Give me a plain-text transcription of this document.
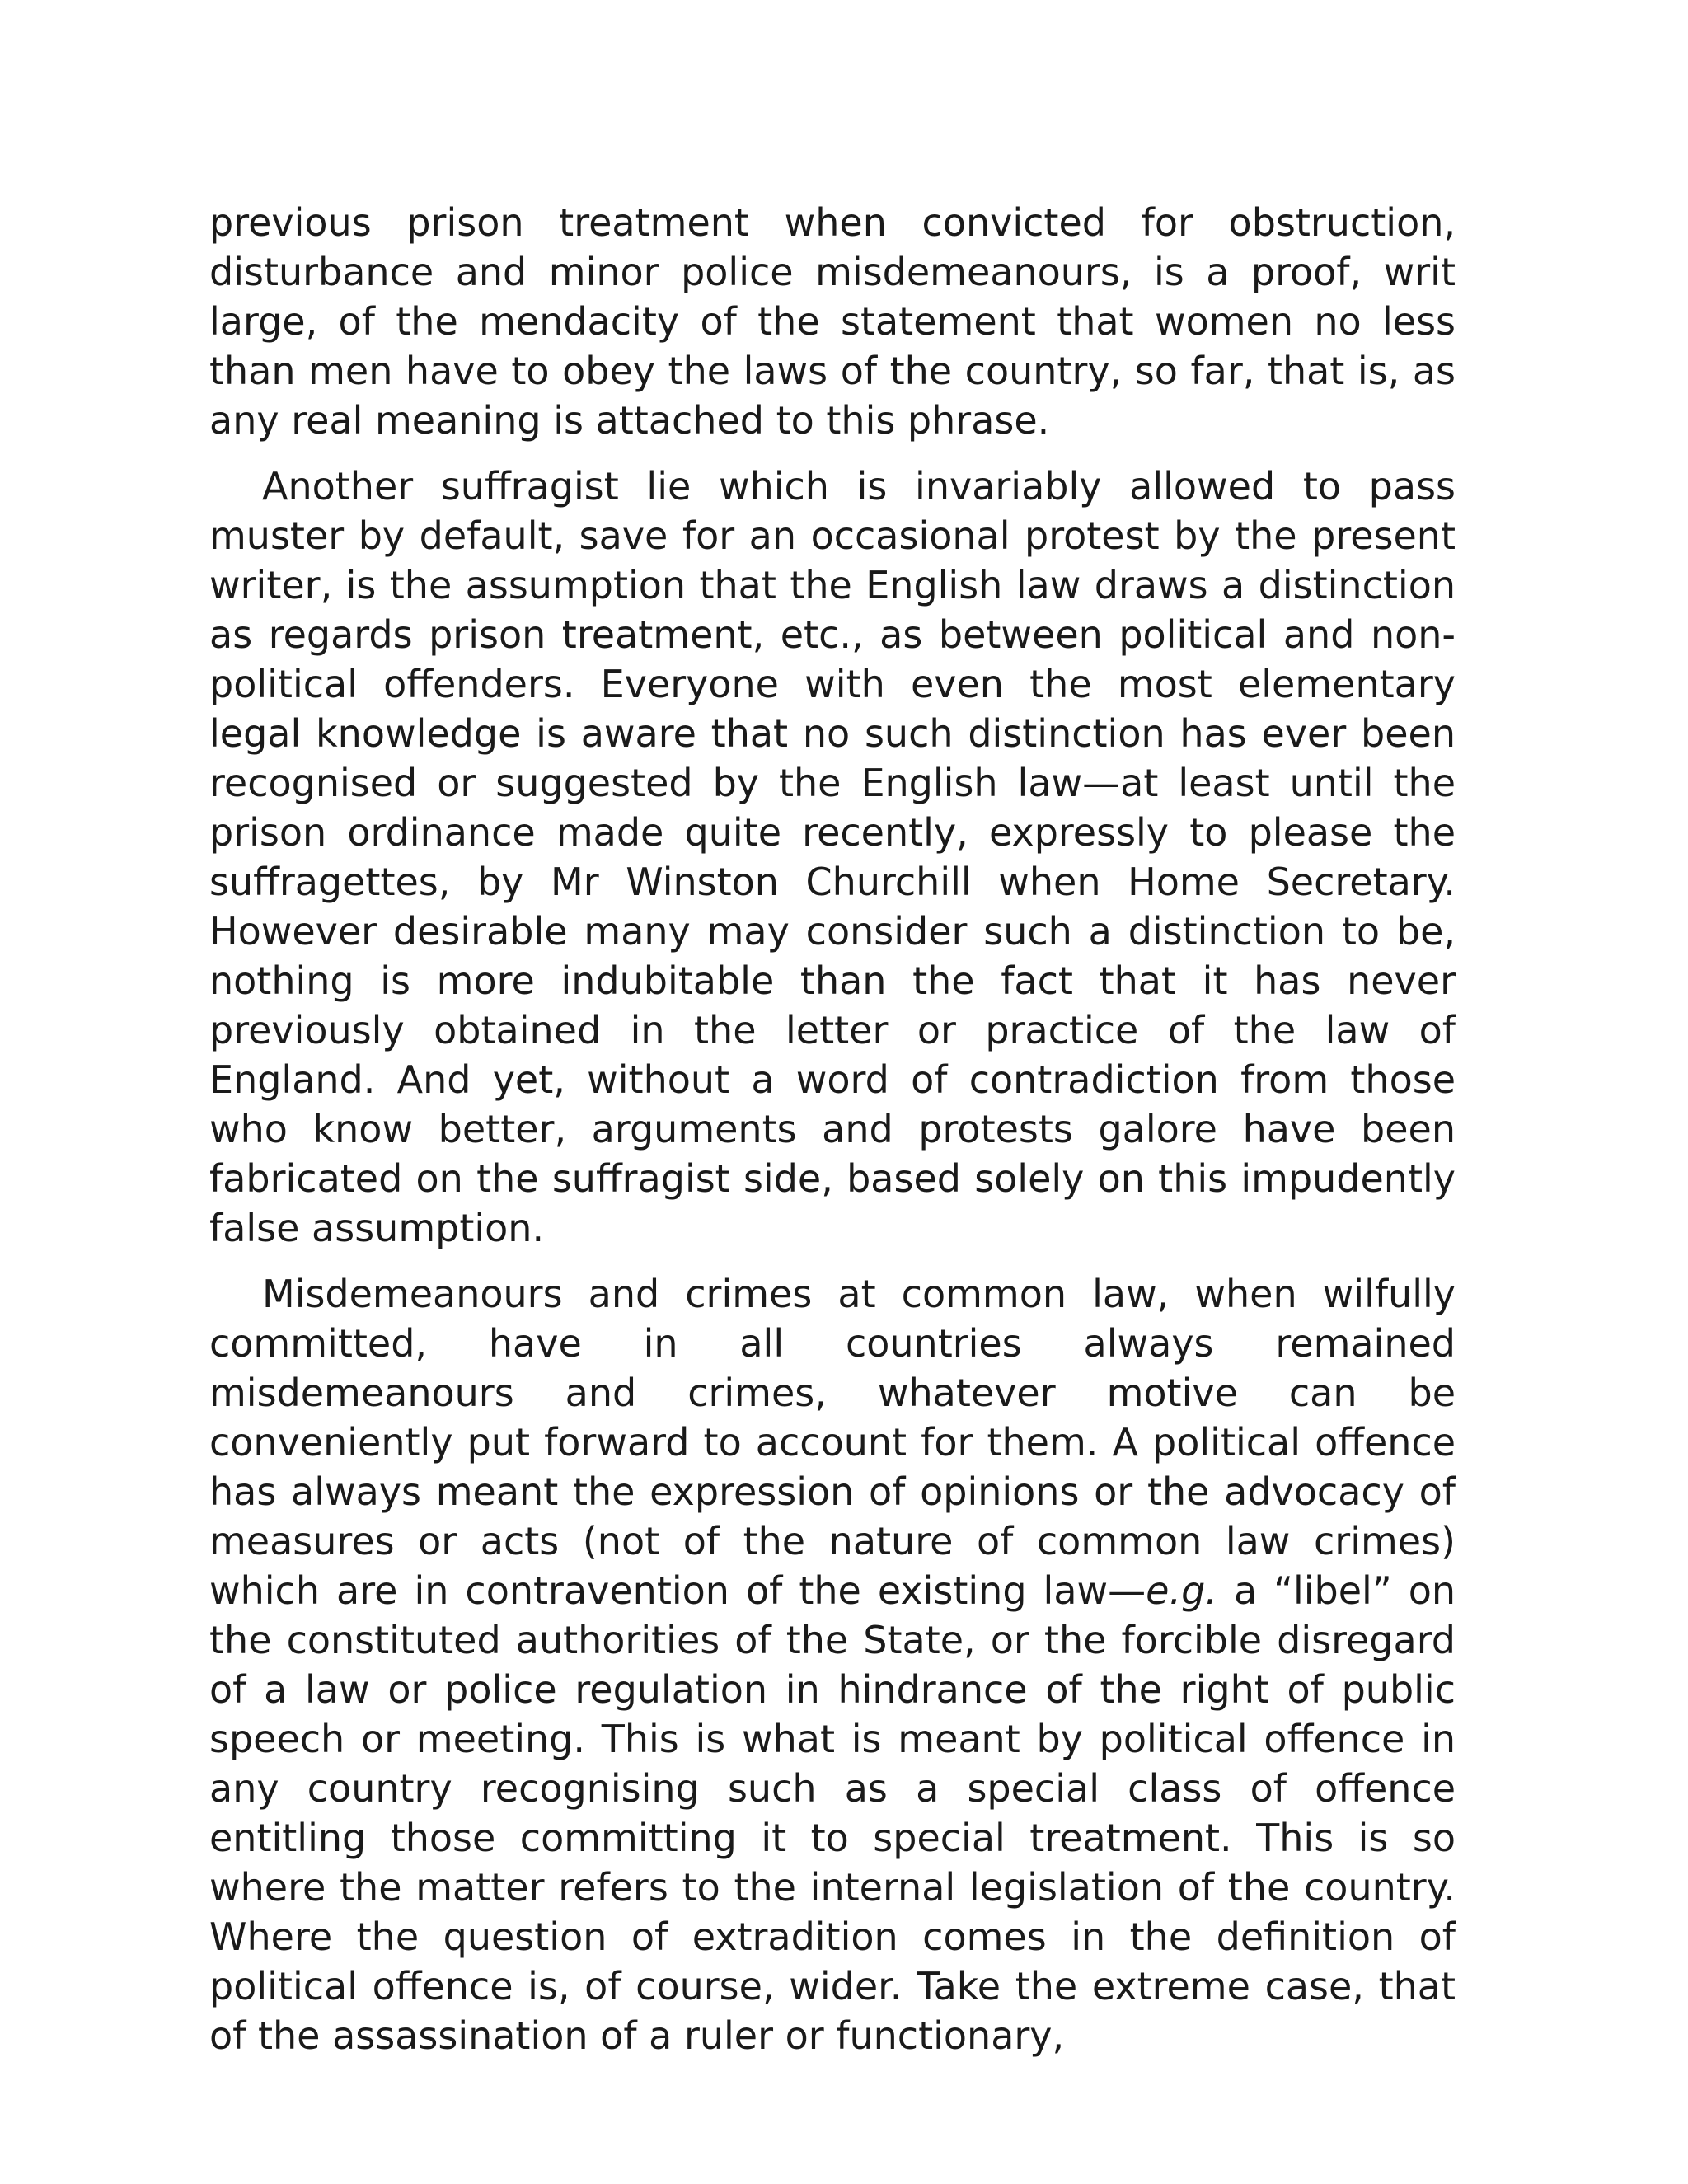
previous prison treatment when convicted for obstruction, disturbance and minor police misdemeanours, is a proof, writ large, of the mendacity of the statement that women no less than men have to obey the laws of the country, so far, that is, as any real meaning is attached to this phrase.

Another suffragist lie which is invariably allowed to pass muster by default, save for an occasional protest by the present writer, is the assumption that the English law draws a distinction as regards prison treatment, etc., as between political and non-political offenders. Everyone with even the most elementary legal knowledge is aware that no such distinction has ever been recognised or suggested by the English law—at least until the prison ordinance made quite recently, expressly to please the suffragettes, by Mr Winston Churchill when Home Secretary. However desirable many may consider such a distinction to be, nothing is more indubitable than the fact that it has never previously obtained in the letter or practice of the law of England. And yet, without a word of contradiction from those who know better, arguments and protests galore have been fabricated on the suffragist side, based solely on this impudently false assumption.

Misdemeanours and crimes at common law, when wilfully committed, have in all countries always remained misdemeanours and crimes, whatever motive can be conveniently put forward to account for them. A political offence has always meant the expression of opinions or the advocacy of measures or acts (not of the nature of common law crimes) which are in contravention of the existing law—e.g. a “libel” on the constituted authorities of the State, or the forcible disregard of a law or police regulation in hindrance of the right of public speech or meeting. This is what is meant by political offence in any country recognising such as a special class of offence entitling those committing it to special treatment. This is so where the matter refers to the internal legislation of the country. Where the question of extradition comes in the definition of political offence is, of course, wider. Take the extreme case, that of the assassination of a ruler or functionary,
